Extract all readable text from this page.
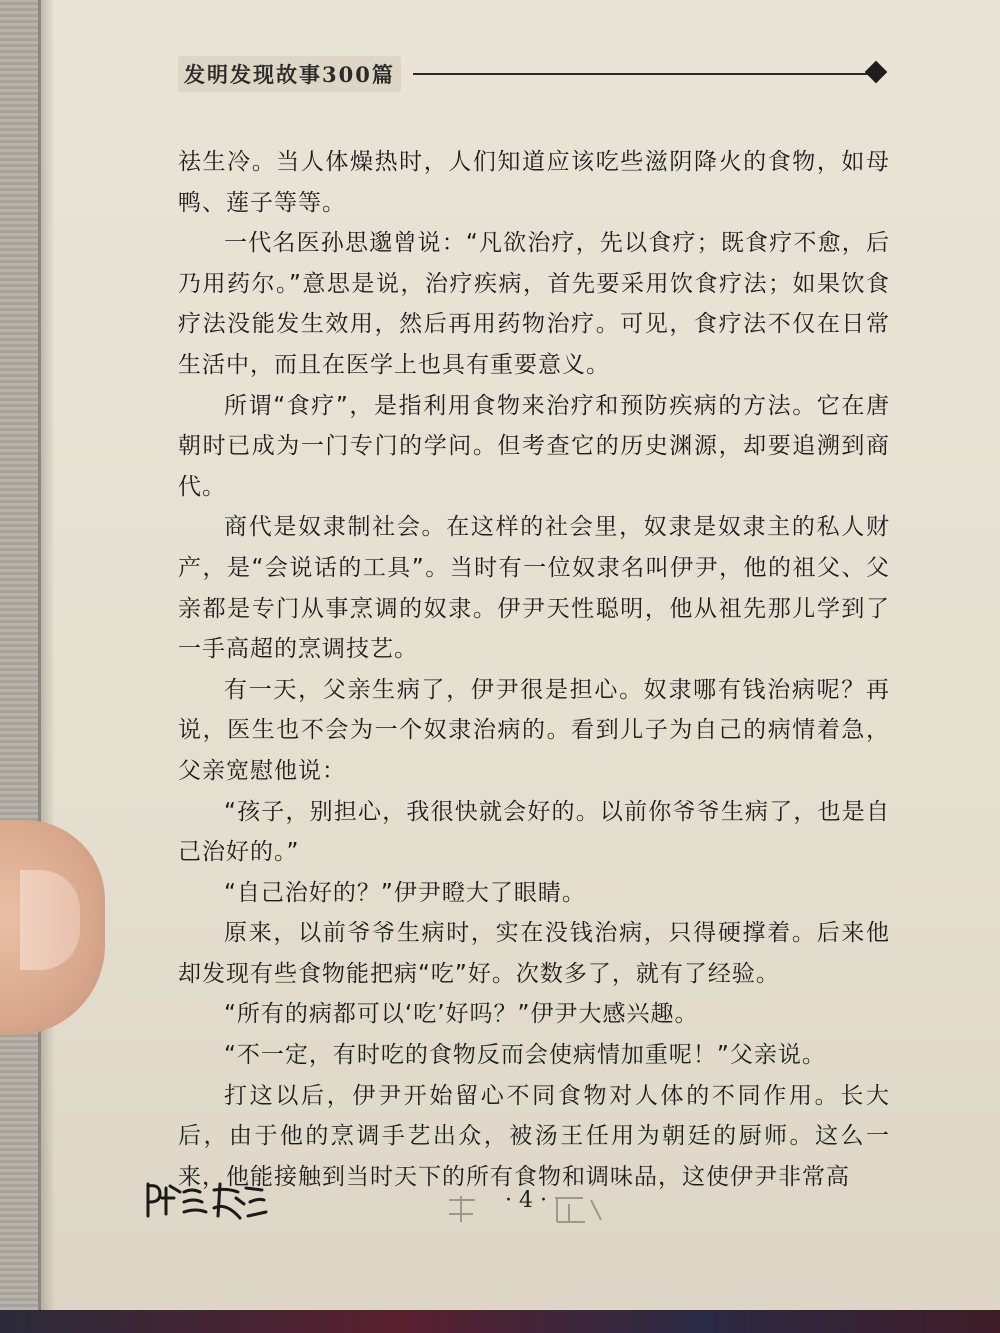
发明发现故事300篇

祛生冷。当人体燥热时，人们知道应该吃些滋阴降火的食物，如母鸭、莲子等等。

一代名医孙思邈曾说：“凡欲治疗，先以食疗；既食疗不愈，后乃用药尔。”意思是说，治疗疾病，首先要采用饮食疗法；如果饮食疗法没能发生效用，然后再用药物治疗。可见，食疗法不仅在日常生活中，而且在医学上也具有重要意义。

所谓“食疗”，是指利用食物来治疗和预防疾病的方法。它在唐朝时已成为一门专门的学问。但考查它的历史渊源，却要追溯到商代。

商代是奴隶制社会。在这样的社会里，奴隶是奴隶主的私人财产，是“会说话的工具”。当时有一位奴隶名叫伊尹，他的祖父、父亲都是专门从事烹调的奴隶。伊尹天性聪明，他从祖先那儿学到了一手高超的烹调技艺。

有一天，父亲生病了，伊尹很是担心。奴隶哪有钱治病呢？再说，医生也不会为一个奴隶治病的。看到儿子为自己的病情着急，父亲宽慰他说：

“孩子，别担心，我很快就会好的。以前你爷爷生病了，也是自己治好的。”

“自己治好的？”伊尹瞪大了眼睛。

原来，以前爷爷生病时，实在没钱治病，只得硬撑着。后来他却发现有些食物能把病“吃”好。次数多了，就有了经验。

“所有的病都可以‘吃’好吗？”伊尹大感兴趣。

“不一定，有时吃的食物反而会使病情加重呢！”父亲说。

打这以后，伊尹开始留心不同食物对人体的不同作用。长大后，由于他的烹调手艺出众，被汤王任用为朝廷的厨师。这么一来，他能接触到当时天下的所有食物和调味品，这使伊尹非常高

· 4 ·
